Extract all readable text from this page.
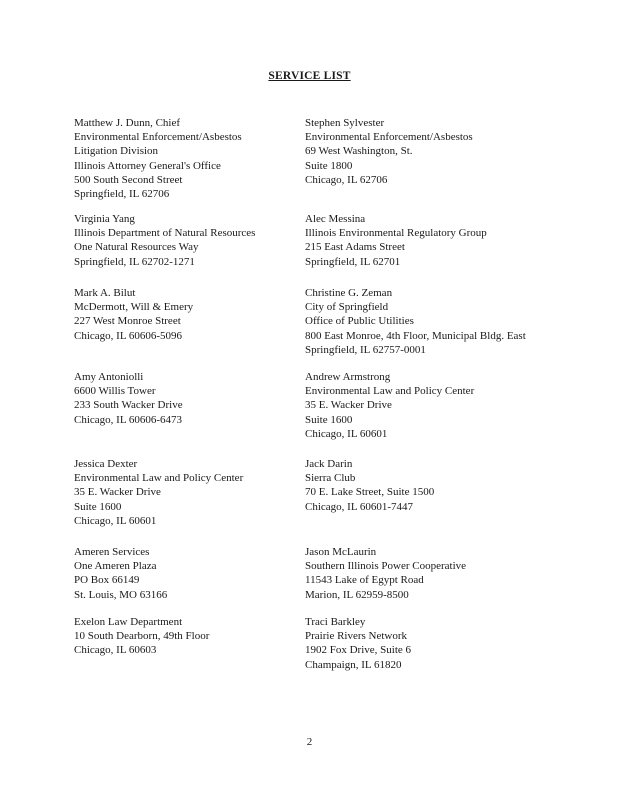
SERVICE LIST
Matthew J. Dunn, Chief
Environmental Enforcement/Asbestos
Litigation Division
Illinois Attorney General's Office
500 South Second Street
Springfield, IL 62706
Stephen Sylvester
Environmental Enforcement/Asbestos
69 West Washington, St.
Suite 1800
Chicago, IL 62706
Virginia Yang
Illinois Department of Natural Resources
One Natural Resources Way
Springfield, IL 62702-1271
Alec Messina
Illinois Environmental Regulatory Group
215 East Adams Street
Springfield, IL 62701
Mark A. Bilut
McDermott, Will & Emery
227 West Monroe Street
Chicago, IL 60606-5096
Christine G. Zeman
City of Springfield
Office of Public Utilities
800 East Monroe, 4th Floor, Municipal Bldg. East
Springfield, IL 62757-0001
Amy Antoniolli
6600 Willis Tower
233 South Wacker Drive
Chicago, IL 60606-6473
Andrew Armstrong
Environmental Law and Policy Center
35 E. Wacker Drive
Suite 1600
Chicago, IL 60601
Jessica Dexter
Environmental Law and Policy Center
35 E. Wacker Drive
Suite 1600
Chicago, IL 60601
Jack Darin
Sierra Club
70 E. Lake Street, Suite 1500
Chicago, IL 60601-7447
Ameren Services
One Ameren Plaza
PO Box 66149
St. Louis, MO 63166
Jason McLaurin
Southern Illinois Power Cooperative
11543 Lake of Egypt Road
Marion, IL 62959-8500
Exelon Law Department
10 South Dearborn, 49th Floor
Chicago, IL 60603
Traci Barkley
Prairie Rivers Network
1902 Fox Drive, Suite 6
Champaign, IL 61820
2
